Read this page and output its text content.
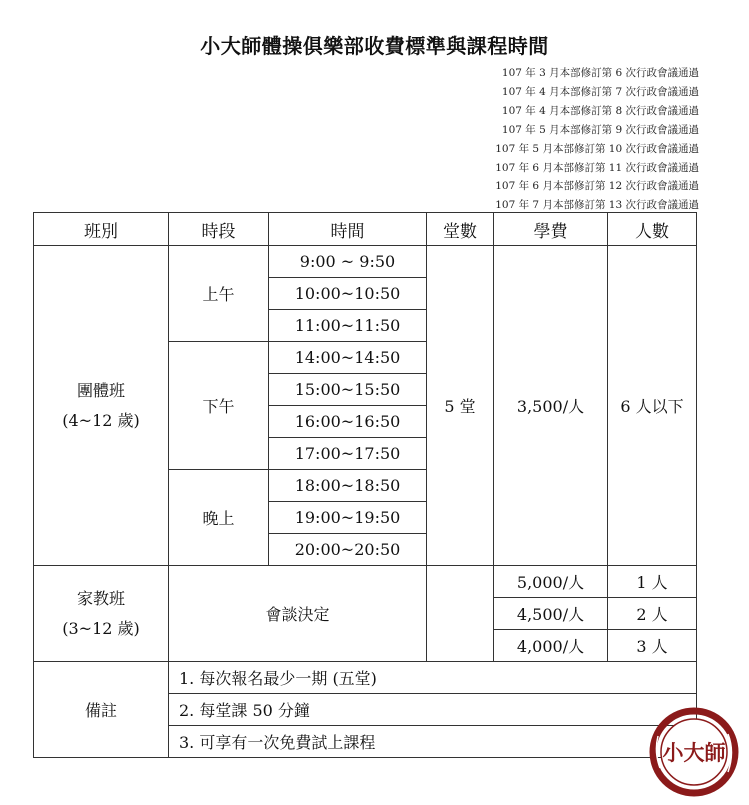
小大師體操俱樂部收費標準與課程時間
107 年 3 月本部修訂第 6 次行政會議通過
107 年 4 月本部修訂第 7 次行政會議通過
107 年 4 月本部修訂第 8 次行政會議通過
107 年 5 月本部修訂第 9 次行政會議通過
107 年 5 月本部修訂第 10 次行政會議通過
107 年 6 月本部修訂第 11 次行政會議通過
107 年 6 月本部修訂第 12 次行政會議通過
107 年 7 月本部修訂第 13 次行政會議通過
班別	時段	時間	堂數	學費	人數

團體班
(4~12 歲)	上午	9:00 ~ 9:50	5 堂	3,500/人	6 人以下
		10:00~10:50			
		11:00~11:50			
	下午	14:00~14:50			
		15:00~15:50			
		16:00~16:50			
		17:00~17:50			
	晚上	18:00~18:50			
		19:00~19:50			
		20:00~20:50			

家教班
(3~12 歲)	會談決定			5,000/人	1 人
				4,500/人	2 人
				4,000/人	3 人
備註	1. 每次報名最少一期 (五堂)				
	2. 每堂課 50 分鐘				
	3. 可享有一次免費試上課程					小大師
